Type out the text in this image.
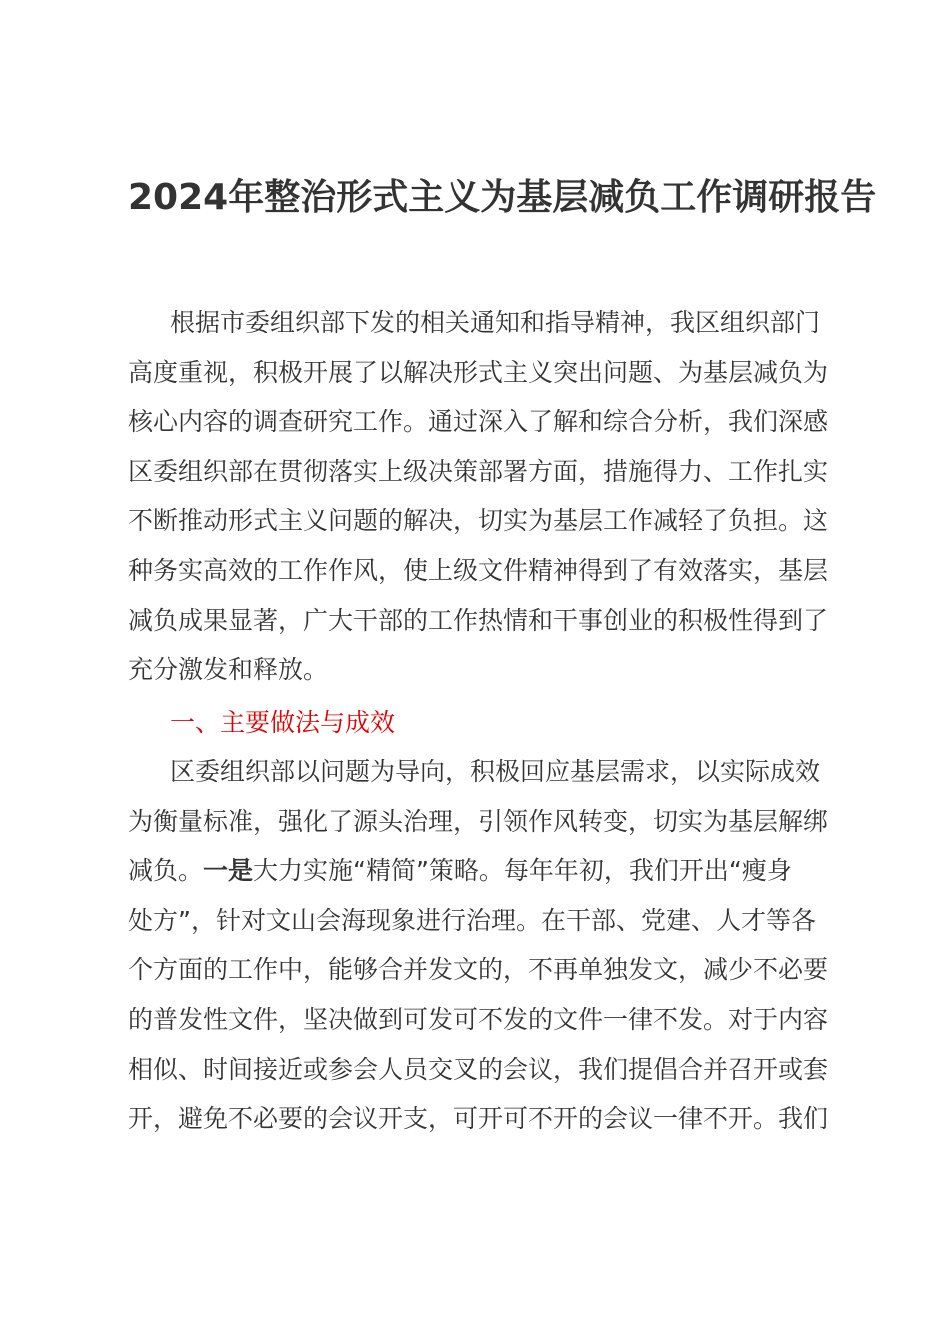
2024年整治形式主义为基层减负工作调研报告
根据市委组织部下发的相关通知和指导精神，我区组织部门
高度重视，积极开展了以解决形式主义突出问题、为基层减负为
核心内容的调查研究工作。通过深入了解和综合分析，我们深感
区委组织部在贯彻落实上级决策部署方面，措施得力、工作扎实
不断推动形式主义问题的解决，切实为基层工作减轻了负担。这
种务实高效的工作作风，使上级文件精神得到了有效落实，基层
减负成果显著，广大干部的工作热情和干事创业的积极性得到了
充分激发和释放。
一、主要做法与成效
区委组织部以问题为导向，积极回应基层需求，以实际成效
为衡量标准，强化了源头治理，引领作风转变，切实为基层解绑
减负。一是大力实施“精简”策略。每年年初，我们开出“瘦身
处方”，针对文山会海现象进行治理。在干部、党建、人才等各
个方面的工作中，能够合并发文的，不再单独发文，减少不必要
的普发性文件，坚决做到可发可不发的文件一律不发。对于内容
相似、时间接近或参会人员交叉的会议，我们提倡合并召开或套
开，避免不必要的会议开支，可开可不开的会议一律不开。我们
